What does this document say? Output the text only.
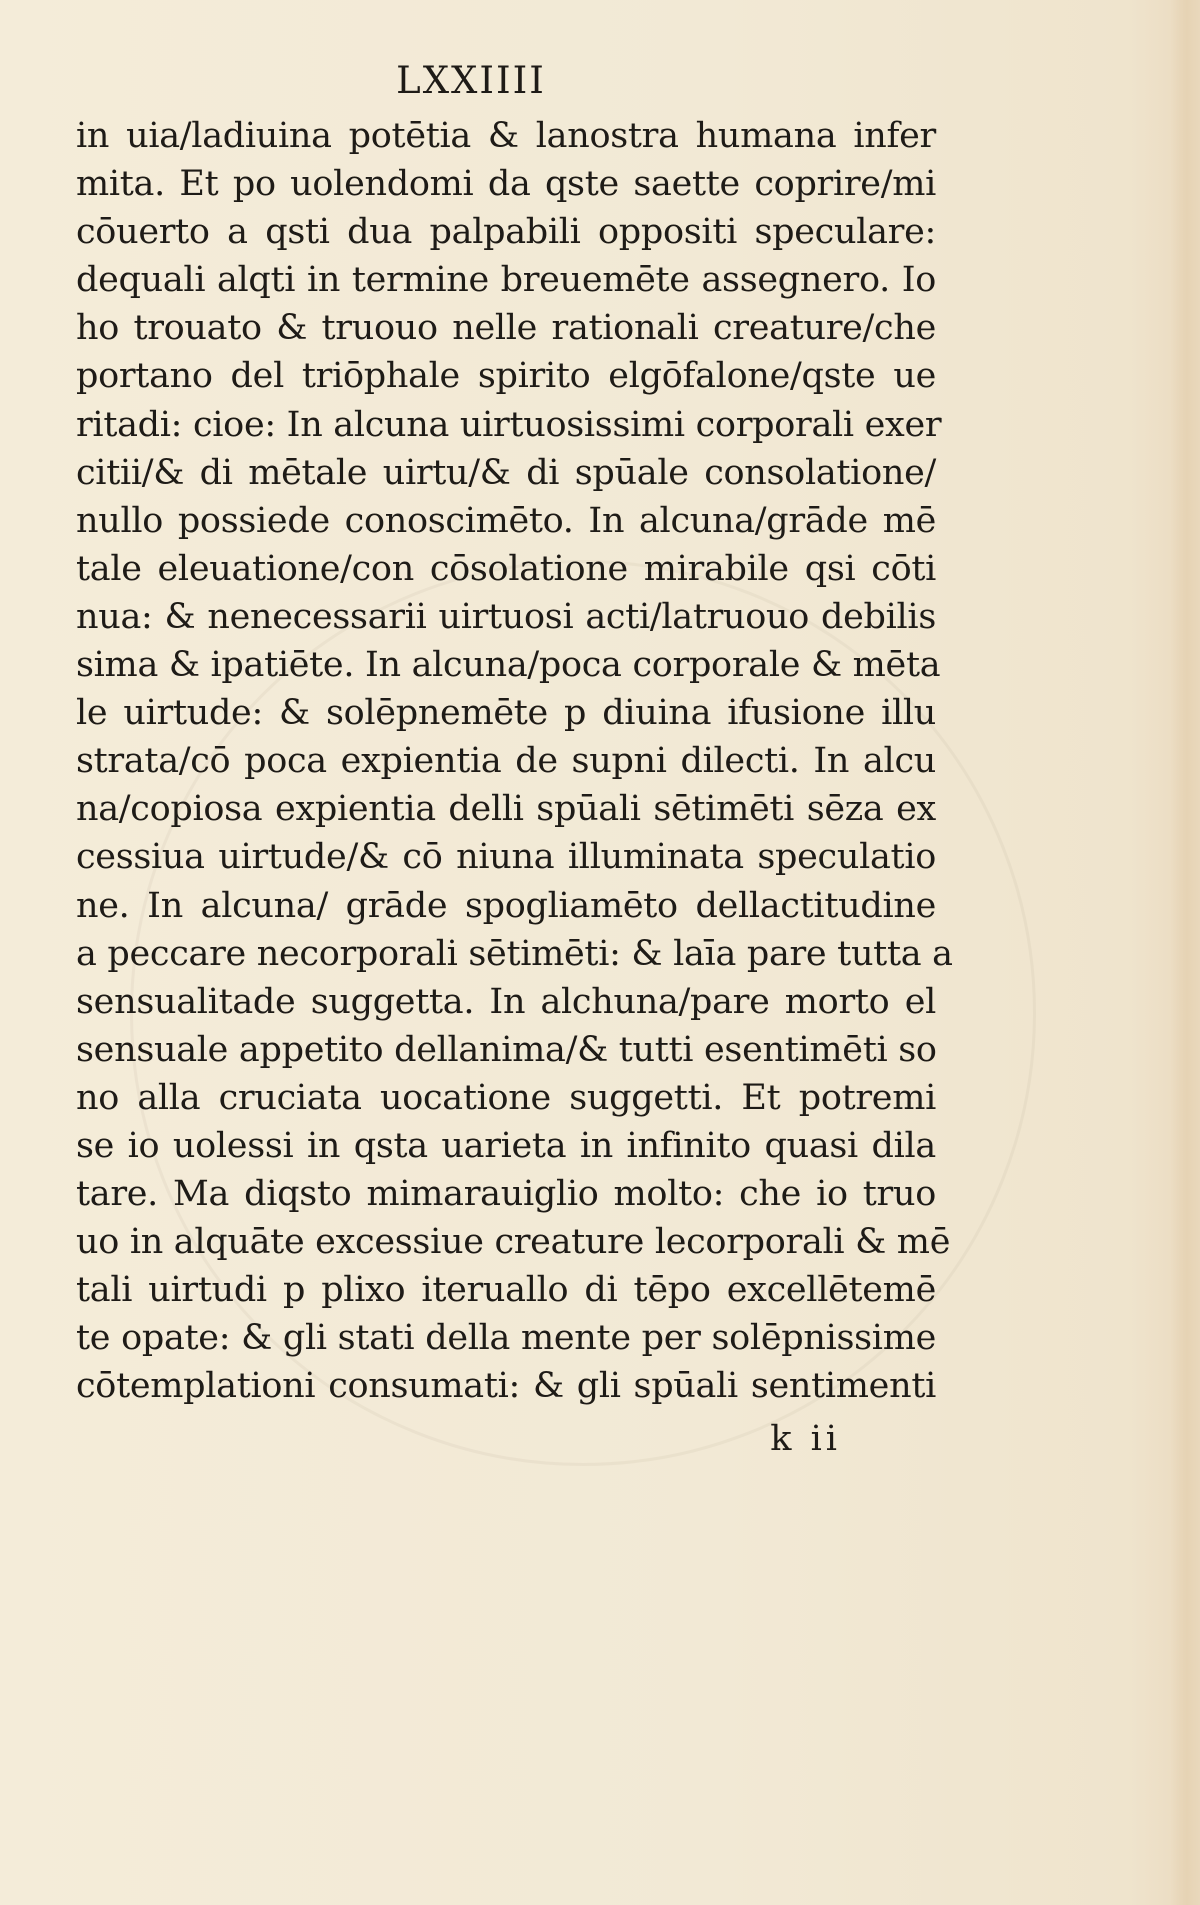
LXXIIII
in uia/ladiuina potētia & lanostra humana infer
mita. Et po uolendomi da qste saette coprire/mi
cōuerto a qsti dua palpabili oppositi speculare:
dequali alqti in termine breuemēte assegnero. Io
ho trouato & truouo nelle rationali creature/che
portano del triōphale spirito elgōfalone/qste ue
ritadi: cioe: In alcuna uirtuosissimi corporali exer
citii/& di mētale uirtu/& di spūale consolatione/
nullo possiede conoscimēto. In alcuna/grāde mē
tale eleuatione/con cōsolatione mirabile qsi cōti
nua: & nenecessarii uirtuosi acti/latruouo debilis
sima & ipatiēte. In alcuna/poca corporale & mēta
le uirtude: & solēpnemēte p diuina ifusione illu
strata/cō poca expientia de supni dilecti. In alcu
na/copiosa expientia delli spūali sētimēti sēza ex
cessiua uirtude/& cō niuna illuminata speculatio
ne. In alcuna/ grāde spogliamēto dellactitudine
a peccare necorporali sētimēti: & laīa pare tutta a
sensualitade suggetta. In alchuna/pare morto el
sensuale appetito dellanima/& tutti esentimēti so
no alla cruciata uocatione suggetti. Et potremi
se io uolessi in qsta uarieta in infinito quasi dila
tare. Ma diqsto mimarauiglio molto: che io truo
uo in alquāte excessiue creature lecorporali & mē
tali uirtudi p plixo iteruallo di tēpo excellētemē
te opate: & gli stati della mente per solēpnissime
cōtemplationi consumati: & gli spūali sentimenti
k ii
